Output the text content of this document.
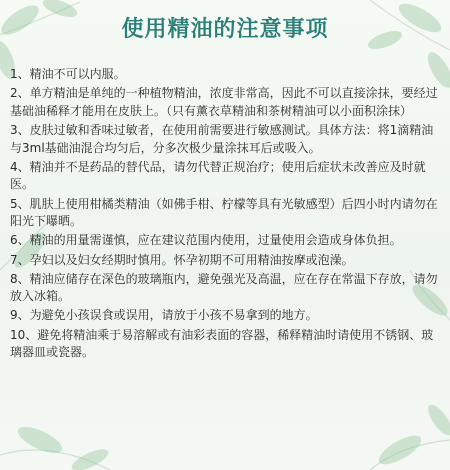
使用精油的注意事项
1、精油不可以内服。
2、单方精油是单纯的一种植物精油，浓度非常高，因此不可以直接涂抹，要经过基础油稀释才能用在皮肤上。（只有薰衣草精油和茶树精油可以小面积涂抹）
3、皮肤过敏和香味过敏者，在使用前需要进行敏感测试。具体方法：将1滴精油与3ml基础油混合均匀后，分多次极少量涂抹耳后或吸入。
4、精油并不是药品的替代品，请勿代替正规治疗；使用后症状未改善应及时就医。
5、肌肤上使用柑橘类精油（如佛手柑、柠檬等具有光敏感型）后四小时内请勿在阳光下曝晒。
6、精油的用量需谨慎，应在建议范围内使用，过量使用会造成身体负担。
7、孕妇以及妇女经期时慎用。怀孕初期不可用精油按摩或泡澡。
8、精油应储存在深色的玻璃瓶内，避免强光及高温，应在存在常温下存放，请勿放入冰箱。
9、为避免小孩误食或误用，请放于小孩不易拿到的地方。
10、避免将精油乘于易溶解或有油彩表面的容器，稀释精油时请使用不锈钢、玻璃器皿或瓷器。
